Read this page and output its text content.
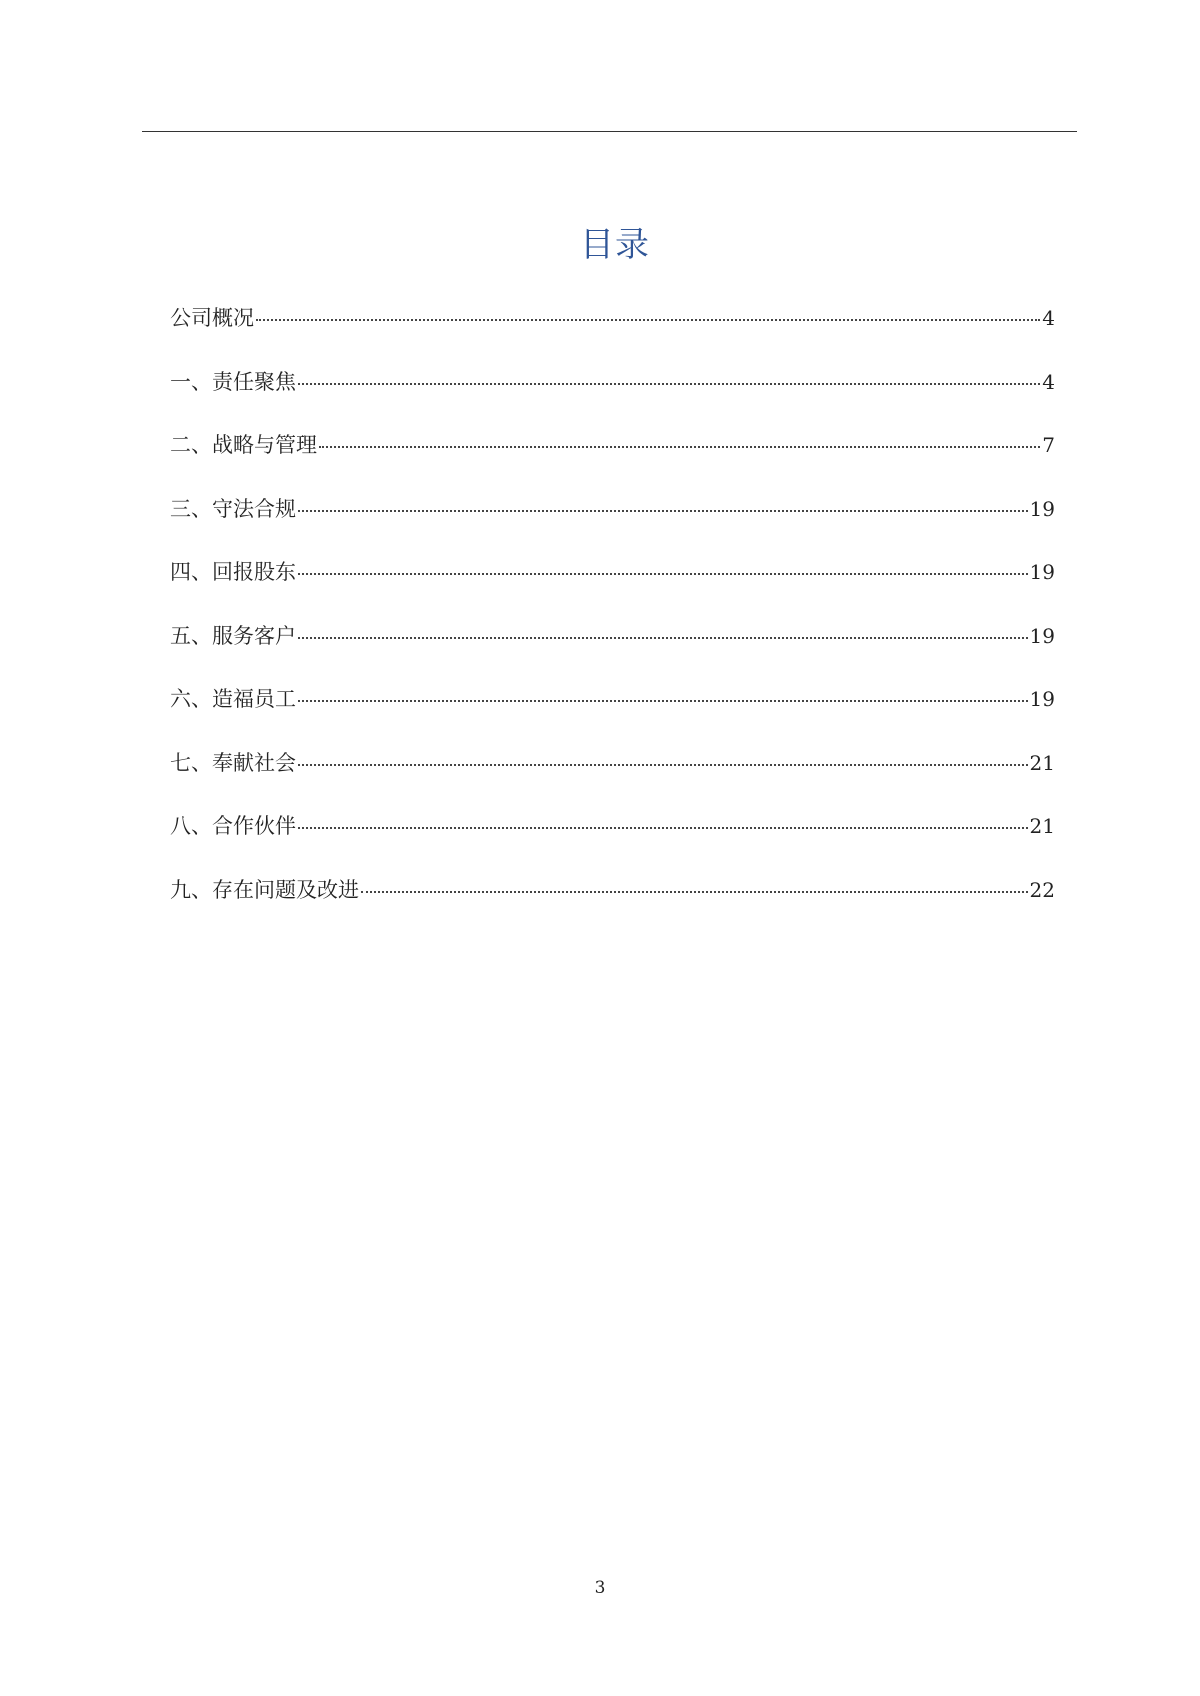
目录
公司概况	4
一、责任聚焦	4
二、战略与管理	7
三、守法合规	19
四、回报股东	19
五、服务客户	19
六、造福员工	19
七、奉献社会	21
八、合作伙伴	21
九、存在问题及改进	22
3
